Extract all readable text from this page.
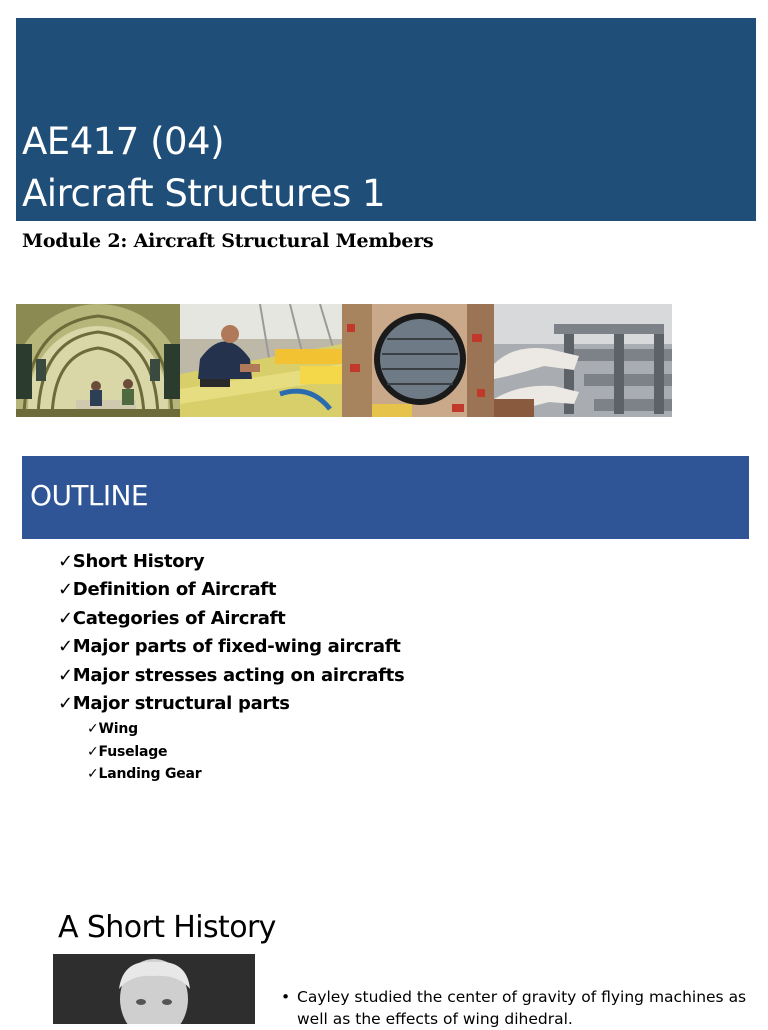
AE417 (04)
Aircraft Structures 1
Module 2: Aircraft Structural Members
OUTLINE
✓Short History
✓Definition of Aircraft
✓Categories of Aircraft
✓Major parts of fixed-wing aircraft
✓Major stresses acting on aircrafts
✓Major structural parts
✓Wing
✓Fuselage
✓Landing Gear
A Short History
• Cayley studied the center of gravity of flying machines as well as the effects of wing dihedral.
